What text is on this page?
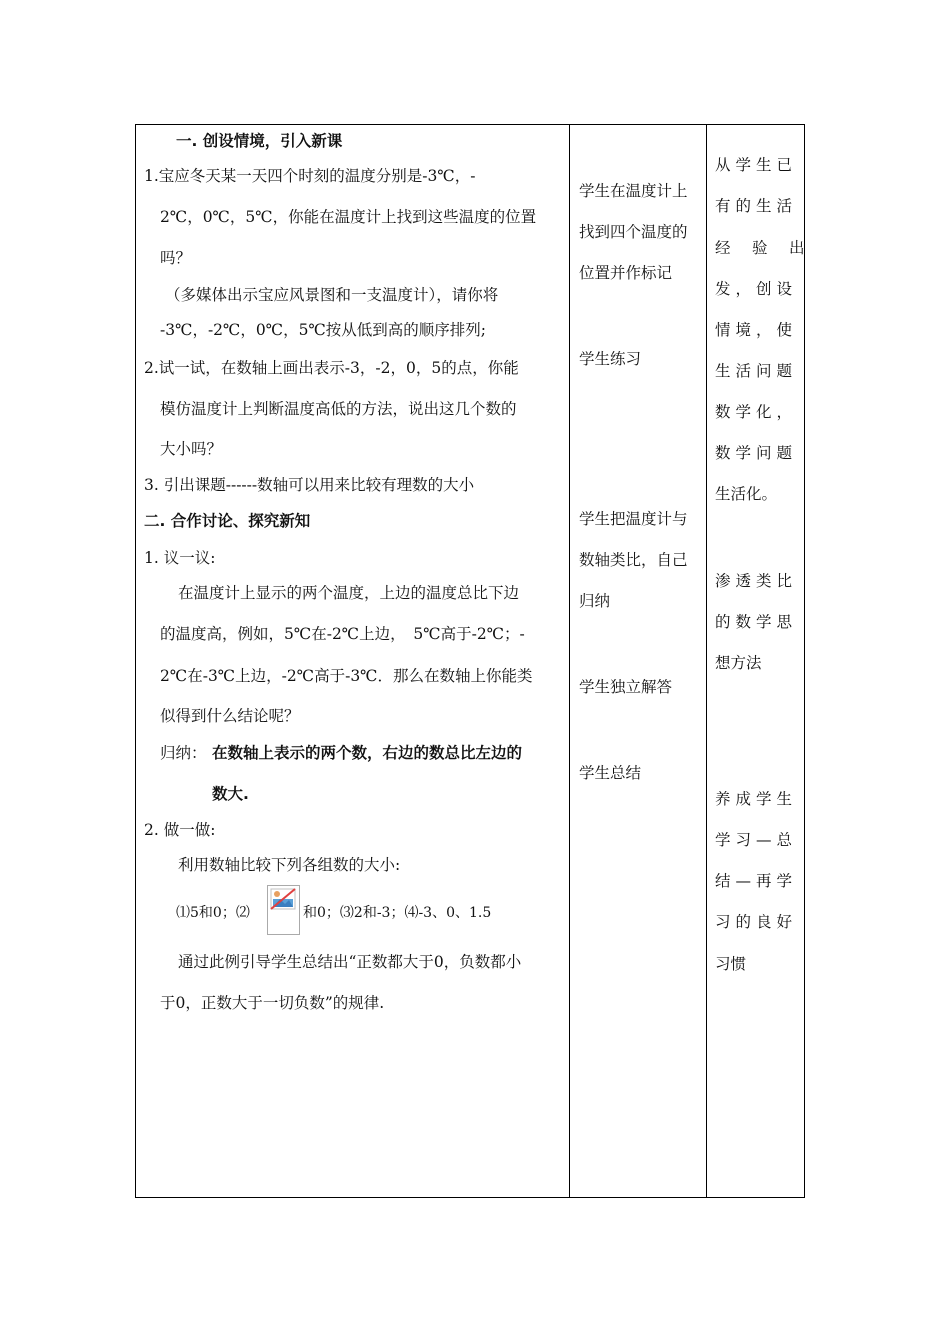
一. 创设情境，引入新课
1.宝应冬天某一天四个时刻的温度分别是-3℃，-
2℃，0℃，5℃，你能在温度计上找到这些温度的位置
吗？
（多媒体出示宝应风景图和一支温度计），请你将
-3℃，-2℃，0℃，5℃按从低到高的顺序排列;
2.试一试，在数轴上画出表示-3，-2，0，5的点，你能
模仿温度计上判断温度高低的方法，说出这几个数的
大小吗？
3. 引出课题------数轴可以用来比较有理数的大小
二. 合作讨论、探究新知
1. 议一议:
在温度计上显示的两个温度，上边的温度总比下边
的温度高，例如，5℃在-2℃上边，　5℃高于-2℃；-
2℃在-3℃上边，-2℃高于-3℃．那么在数轴上你能类
似得到什么结论呢？
归纳： 在数轴上表示的两个数，右边的数总比左边的
数大.
2. 做一做:
利用数轴比较下列各组数的大小:
⑴5和0；⑵	和0；⑶2和-3；⑷-3、0、1.5
通过此例引导学生总结出“正数都大于0，负数都小
于0，正数大于一切负数”的规律.
学生在温度计上
找到四个温度的
位置并作标记
学生练习
学生把温度计与
数轴类比，自己
归纳
学生独立解答
学生总结
从学生已
有的生活
经　验　出
发，创设
情境，使
生活问题
数学化，
数学问题
生活化。
渗透类比
的数学思
想方法
养成学生
学习—总
结—再学
习的良好
习惯
